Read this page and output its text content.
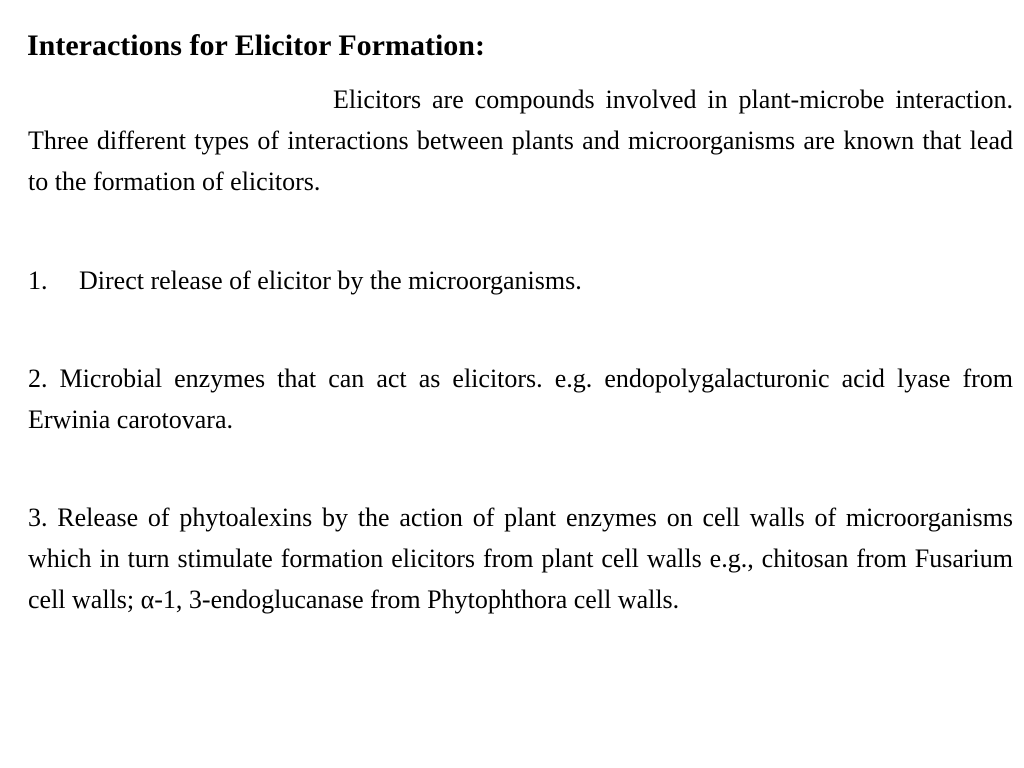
Interactions for Elicitor Formation:

Elicitors are compounds involved in plant-microbe interaction. Three different types of interactions between plants and microorganisms are known that lead to the formation of elicitors.

1. Direct release of elicitor by the microorganisms.

2. Microbial enzymes that can act as elicitors. e.g. endopolygalacturonic acid lyase from Erwinia carotovara.

3. Release of phytoalexins by the action of plant enzymes on cell walls of microorganisms which in turn stimulate formation elicitors from plant cell walls e.g., chitosan from Fusarium cell walls; α-1, 3-endoglucanase from Phytophthora cell walls.
